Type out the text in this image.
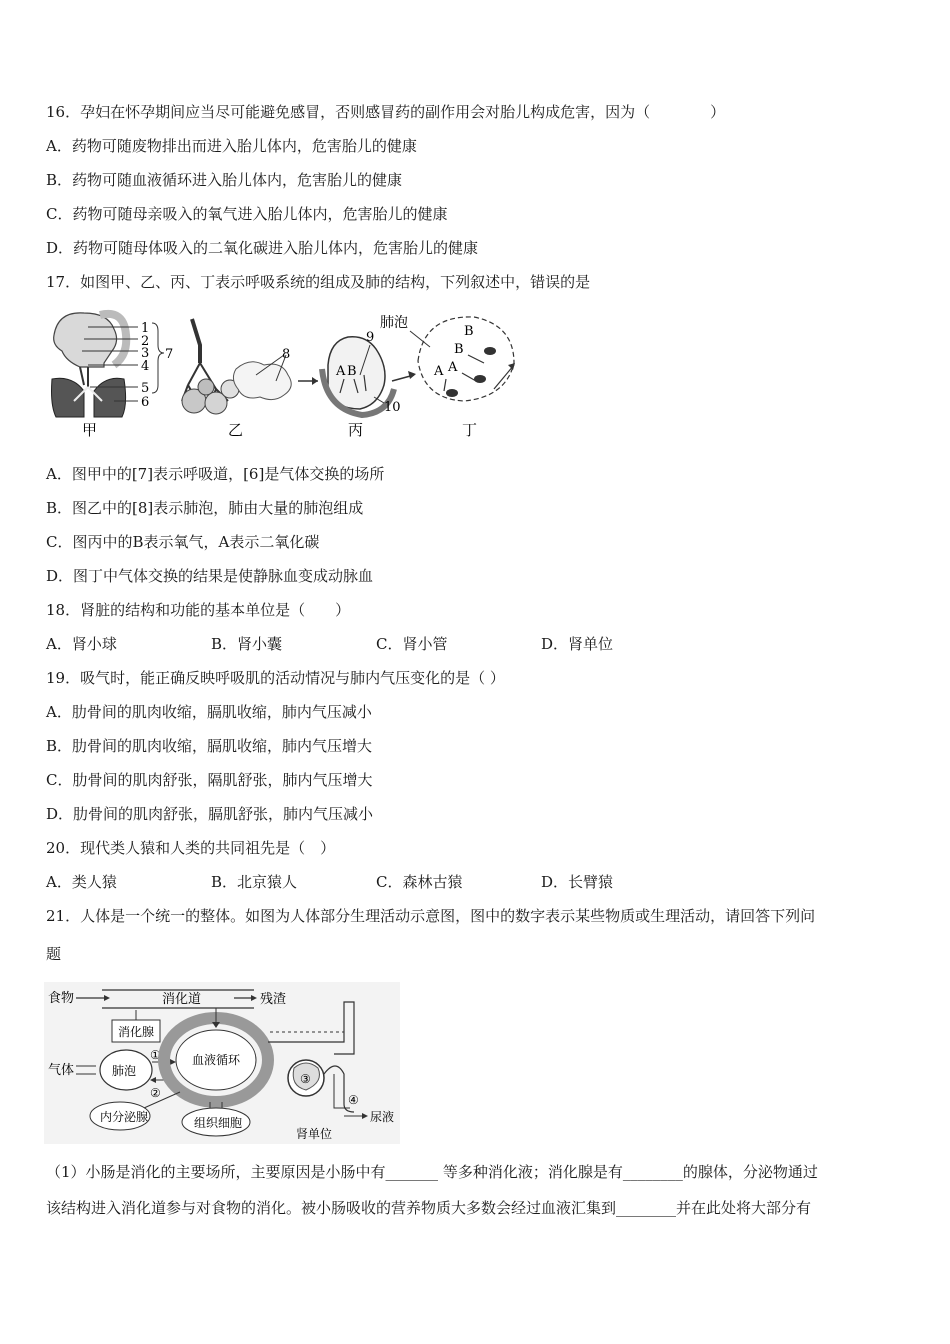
16．孕妇在怀孕期间应当尽可能避免感冒，否则感冒药的副作用会对胎儿构成危害，因为（　　　　）
A．药物可随废物排出而进入胎儿体内，危害胎儿的健康
B．药物可随血液循环进入胎儿体内，危害胎儿的健康
C．药物可随母亲吸入的氧气进入胎儿体内，危害胎儿的健康
D．药物可随母体吸入的二氧化碳进入胎儿体内，危害胎儿的健康
17．如图甲、乙、丙、丁表示呼吸系统的组成及肺的结构，下列叙述中，错误的是
1
2
3
4
5
6
7
甲
8
乙
A B
9
10
丙
肺泡
B
B
A
A
丁
A．图甲中的[7]表示呼吸道，[6]是气体交换的场所
B．图乙中的[8]表示肺泡，肺由大量的肺泡组成
C．图丙中的B表示氧气，A表示二氧化碳
D．图丁中气体交换的结果是使静脉血变成动脉血
18．肾脏的结构和功能的基本单位是（　　）
A．肾小球	B．肾小囊	C．肾小管	D．肾单位
19．吸气时，能正确反映呼吸肌的活动情况与肺内气压变化的是（ ）
A．肋骨间的肌肉收缩，膈肌收缩，肺内气压减小
B．肋骨间的肌肉收缩，膈肌收缩，肺内气压增大
C．肋骨间的肌肉舒张，隔肌舒张，肺内气压增大
D．肋骨间的肌肉舒张，膈肌舒张，肺内气压减小
20．现代类人猿和人类的共同祖先是（　）
A．类人猿	B．北京猿人	C．森林古猿	D．长臂猿
21．人体是一个统一的整体。如图为人体部分生理活动示意图，图中的数字表示某些物质或生理活动，请回答下列问
题
食物	消化道	残渣
消化腺
气体	肺泡
①
②
血液循环
内分泌腺	组织细胞
③
④
尿液
肾单位
（1）小肠是消化的主要场所，主要原因是小肠中有_______ 等多种消化液；消化腺是有________的腺体，分泌物通过
该结构进入消化道参与对食物的消化。被小肠吸收的营养物质大多数会经过血液汇集到________并在此处将大部分有
